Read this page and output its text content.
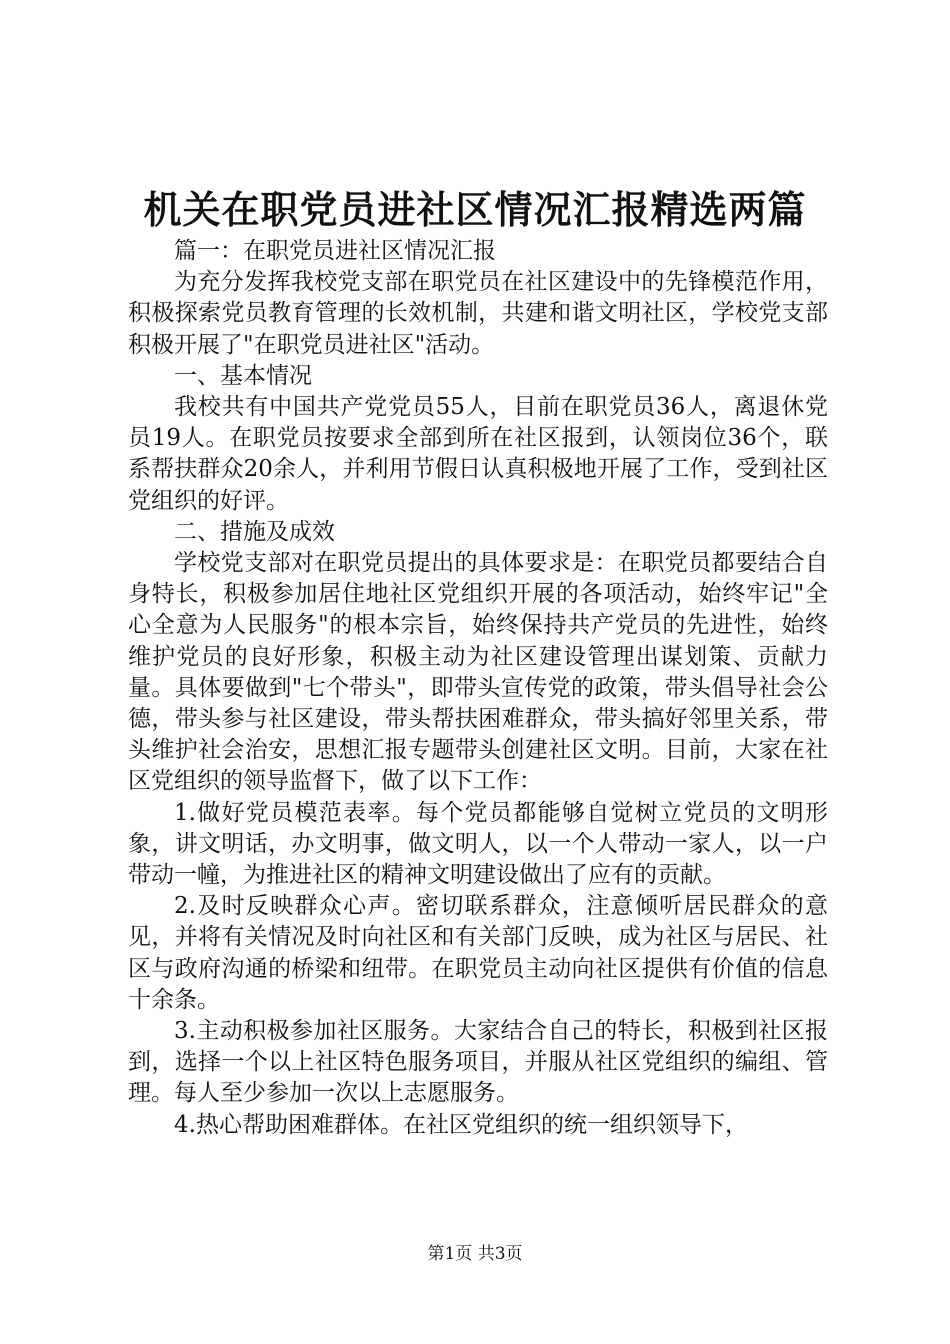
机关在职党员进社区情况汇报精选两篇

篇一：在职党员进社区情况汇报

为充分发挥我校党支部在职党员在社区建设中的先锋模范作用，积极探索党员教育管理的长效机制，共建和谐文明社区，学校党支部积极开展了"在职党员进社区"活动。

一、基本情况

我校共有中国共产党党员55人，目前在职党员36人，离退休党员19人。在职党员按要求全部到所在社区报到，认领岗位36个，联系帮扶群众20余人，并利用节假日认真积极地开展了工作，受到社区党组织的好评。

二、措施及成效

学校党支部对在职党员提出的具体要求是：在职党员都要结合自身特长，积极参加居住地社区党组织开展的各项活动，始终牢记"全心全意为人民服务"的根本宗旨，始终保持共产党员的先进性，始终维护党员的良好形象，积极主动为社区建设管理出谋划策、贡献力量。具体要做到"七个带头"，即带头宣传党的政策，带头倡导社会公德，带头参与社区建设，带头帮扶困难群众，带头搞好邻里关系，带头维护社会治安，思想汇报专题带头创建社区文明。目前，大家在社区党组织的领导监督下，做了以下工作：

1.做好党员模范表率。每个党员都能够自觉树立党员的文明形象，讲文明话，办文明事，做文明人，以一个人带动一家人，以一户带动一幢，为推进社区的精神文明建设做出了应有的贡献。

2.及时反映群众心声。密切联系群众，注意倾听居民群众的意见，并将有关情况及时向社区和有关部门反映，成为社区与居民、社区与政府沟通的桥梁和纽带。在职党员主动向社区提供有价值的信息十余条。

3.主动积极参加社区服务。大家结合自己的特长，积极到社区报到，选择一个以上社区特色服务项目，并服从社区党组织的编组、管理。每人至少参加一次以上志愿服务。

4.热心帮助困难群体。在社区党组织的统一组织领导下，

第1页 共3页
